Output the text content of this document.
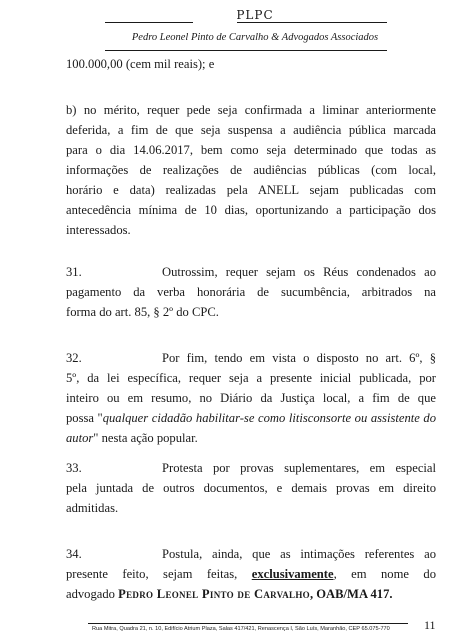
PLPC
Pedro Leonel Pinto de Carvalho & Advogados Associados

100.000,00 (cem mil reais); e

b) no mérito, requer pede seja confirmada a liminar anteriormente
deferida, a fim de que seja suspensa a audiência pública marcada
para o dia 14.06.2017, bem como seja determinado que todas as
informações de realizações de audiências públicas (com local,
horário e data) realizadas pela ANELL sejam publicadas com
antecedência mínima de 10 dias, oportunizando a participação dos
interessados.

31.	Outrossim, requer sejam os Réus condenados ao
pagamento da verba honorária de sucumbência, arbitrados na
forma do art. 85, § 2º do CPC.

32.	Por fim, tendo em vista o disposto no art. 6º, §
5º, da lei específica, requer seja a presente inicial publicada, por
inteiro ou em resumo, no Diário da Justiça local, a fim de que
possa "qualquer cidadão habilitar-se como litisconsorte ou assistente do
autor" nesta ação popular.

33.	Protesta por provas suplementares, em especial
pela juntada de outros documentos, e demais provas em direito
admitidas.

34.	Postula, ainda, que as intimações referentes ao
presente feito, sejam feitas, exclusivamente, em nome do
advogado Pedro Leonel Pinto de Carvalho, OAB/MA 417.

Rua Mitra, Quadra 21, n. 10, Edifício Atrium Plaza, Salas 417/421, Renascença I, São Luís, Maranhão, CEP 65.075-770	11
